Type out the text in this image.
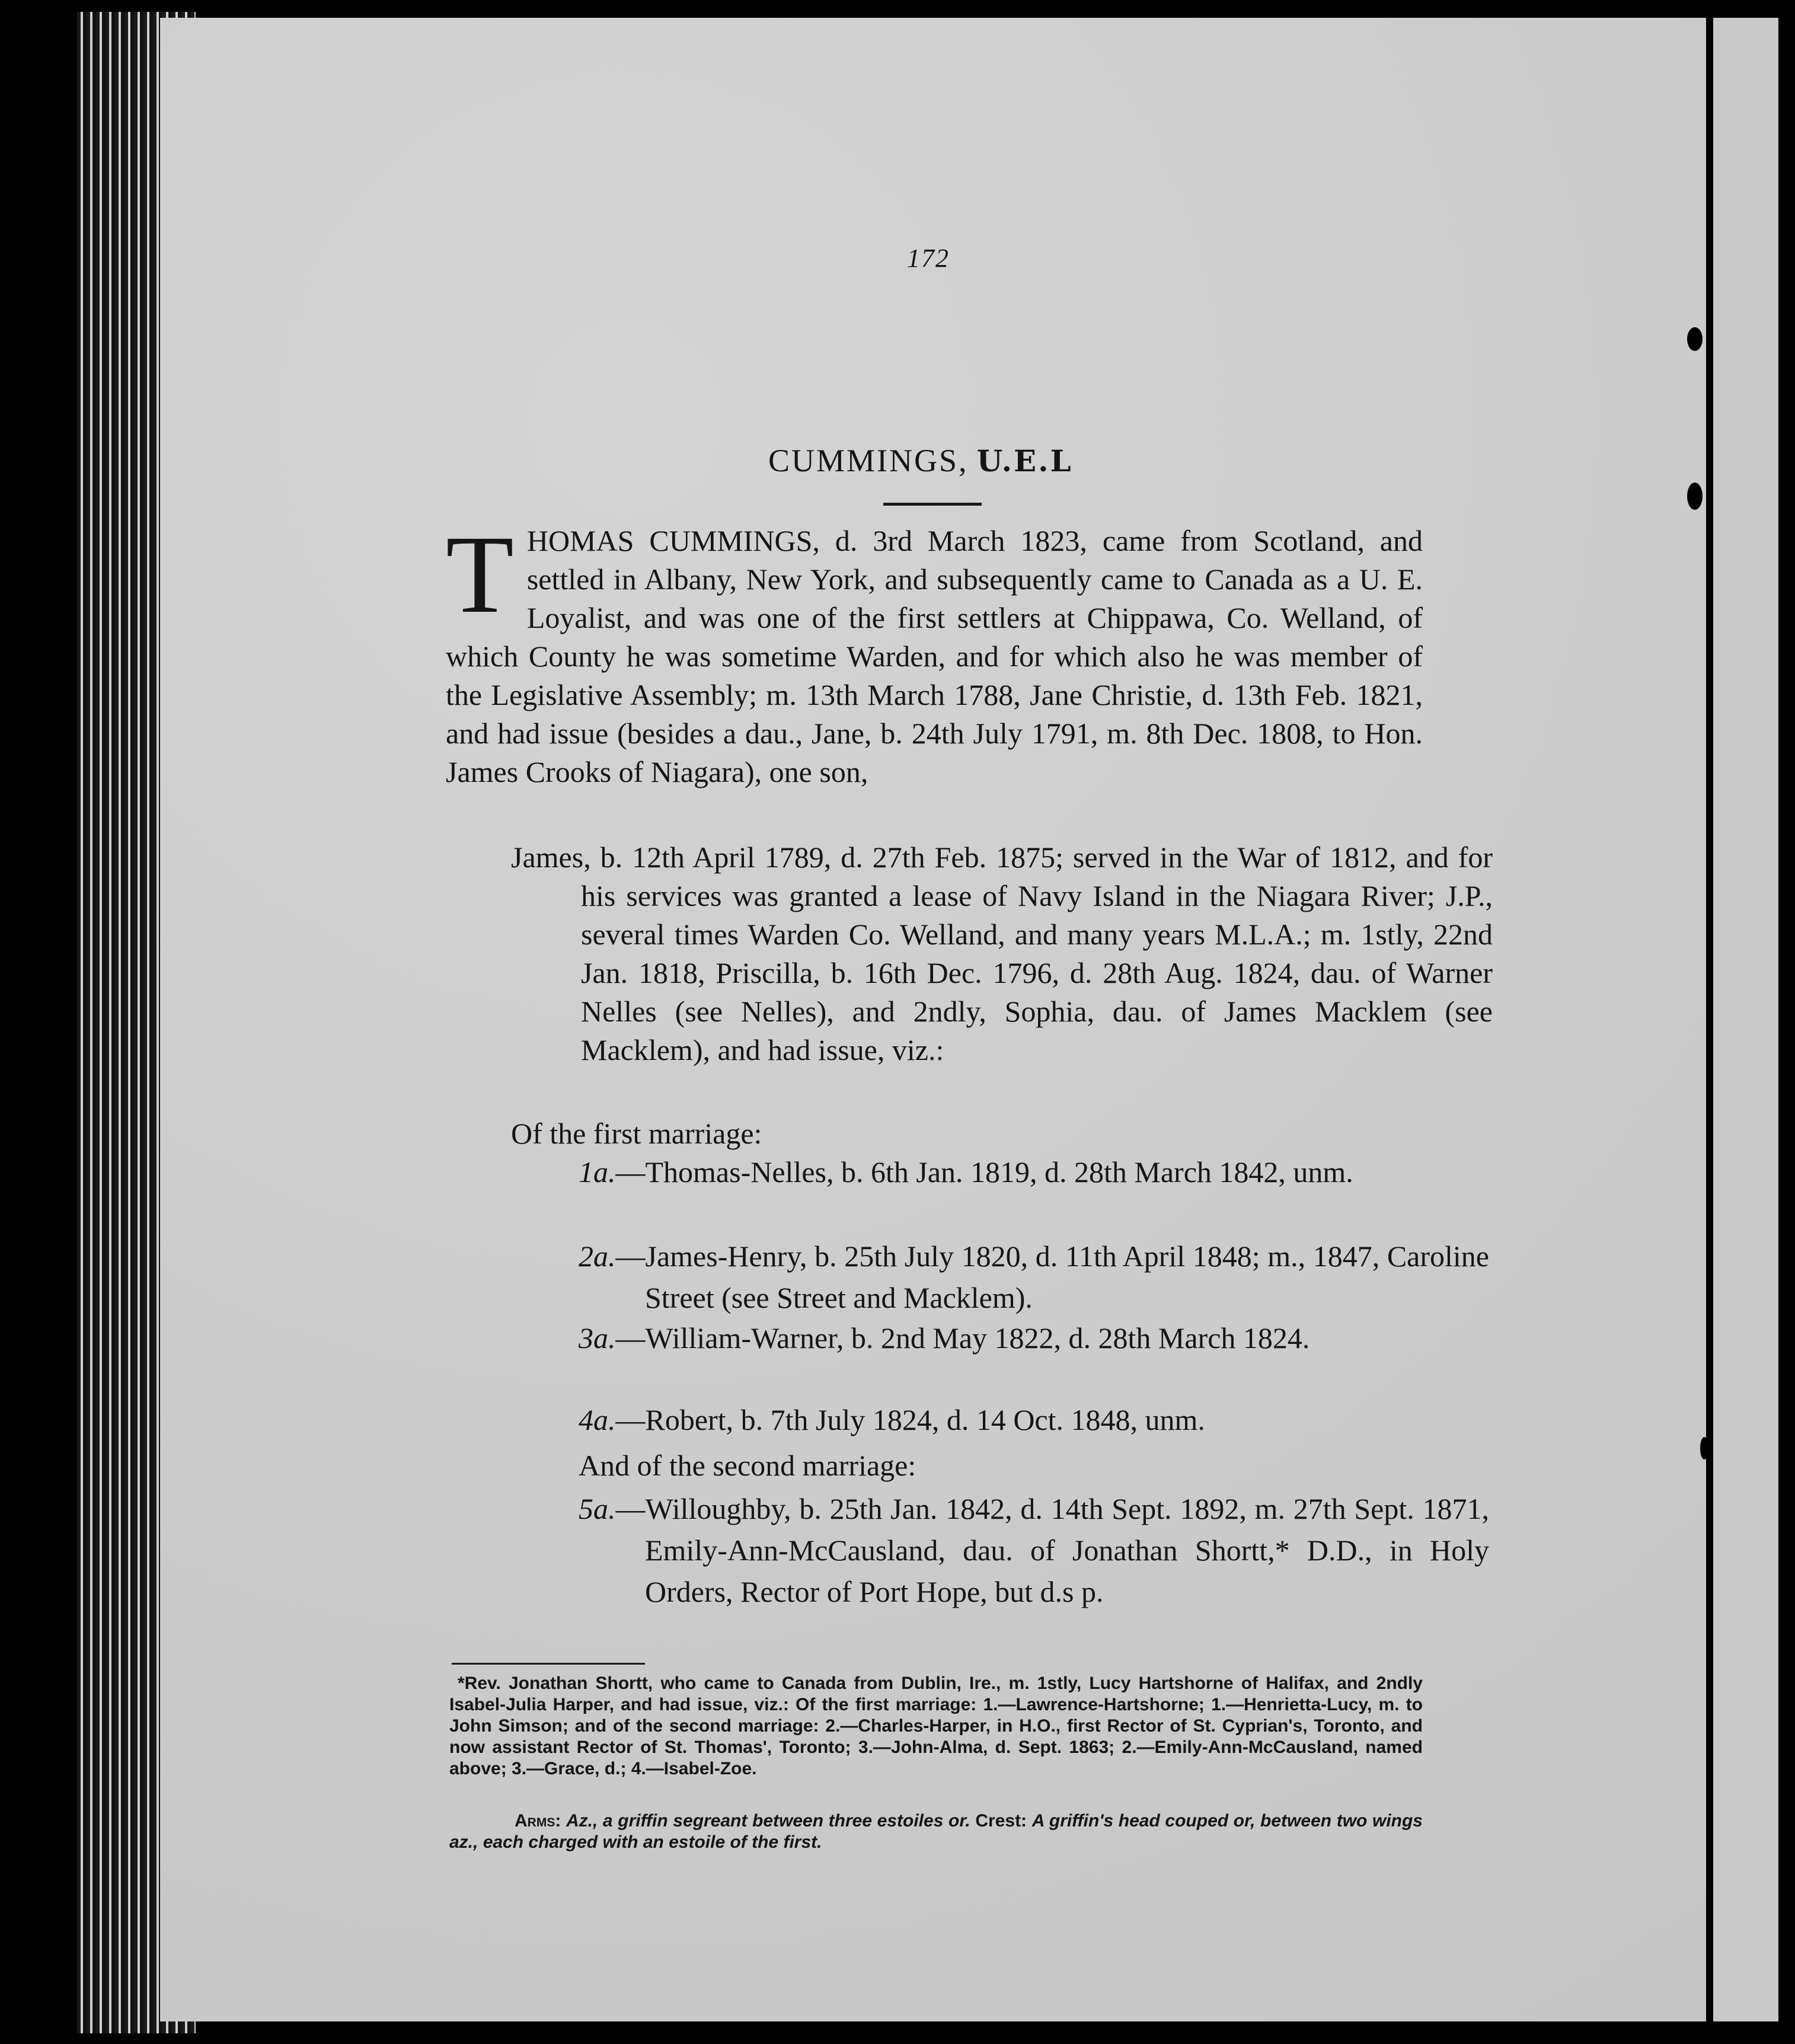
172
CUMMINGS, U.E.L
THOMAS CUMMINGS, d. 3rd March 1823, came from Scotland, and settled in Albany, New York, and subsequently came to Canada as a U. E. Loyalist, and was one of the first settlers at Chippawa, Co. Welland, of which County he was sometime Warden, and for which also he was member of the Legislative Assembly; m. 13th March 1788, Jane Christie, d. 13th Feb. 1821, and had issue (besides a dau., Jane, b. 24th July 1791, m. 8th Dec. 1808, to Hon. James Crooks of Niagara), one son,
James, b. 12th April 1789, d. 27th Feb. 1875; served in the War of 1812, and for his services was granted a lease of Navy Island in the Niagara River; J.P., several times Warden Co. Welland, and many years M.L.A.; m. 1stly, 22nd Jan. 1818, Priscilla, b. 16th Dec. 1796, d. 28th Aug. 1824, dau. of Warner Nelles (see Nelles), and 2ndly, Sophia, dau. of James Macklem (see Macklem), and had issue, viz.:
Of the first marriage:
1a.—Thomas-Nelles, b. 6th Jan. 1819, d. 28th March 1842, unm.
2a.—James-Henry, b. 25th July 1820, d. 11th April 1848; m., 1847, Caroline Street (see Street and Macklem).
3a.—William-Warner, b. 2nd May 1822, d. 28th March 1824.
4a.—Robert, b. 7th July 1824, d. 14 Oct. 1848, unm.
And of the second marriage:
5a.—Willoughby, b. 25th Jan. 1842, d. 14th Sept. 1892, m. 27th Sept. 1871, Emily-Ann-McCausland, dau. of Jonathan Shortt,* D.D., in Holy Orders, Rector of Port Hope, but d.s p.
*Rev. Jonathan Shortt, who came to Canada from Dublin, Ire., m. 1stly, Lucy Hartshorne of Halifax, and 2ndly Isabel-Julia Harper, and had issue, viz.: Of the first marriage: 1.—Lawrence-Hartshorne; 1.—Henrietta-Lucy, m. to John Simson; and of the second marriage: 2.—Charles-Harper, in H.O., first Rector of St. Cyprian's, Toronto, and now assistant Rector of St. Thomas', Toronto; 3.—John-Alma, d. Sept. 1863; 2.—Emily-Ann-McCausland, named above; 3.—Grace, d.; 4.—Isabel-Zoe.
Arms: Az., a griffin segreant between three estoiles or. Crest: A griffin's head couped or, between two wings az., each charged with an estoile of the first.
